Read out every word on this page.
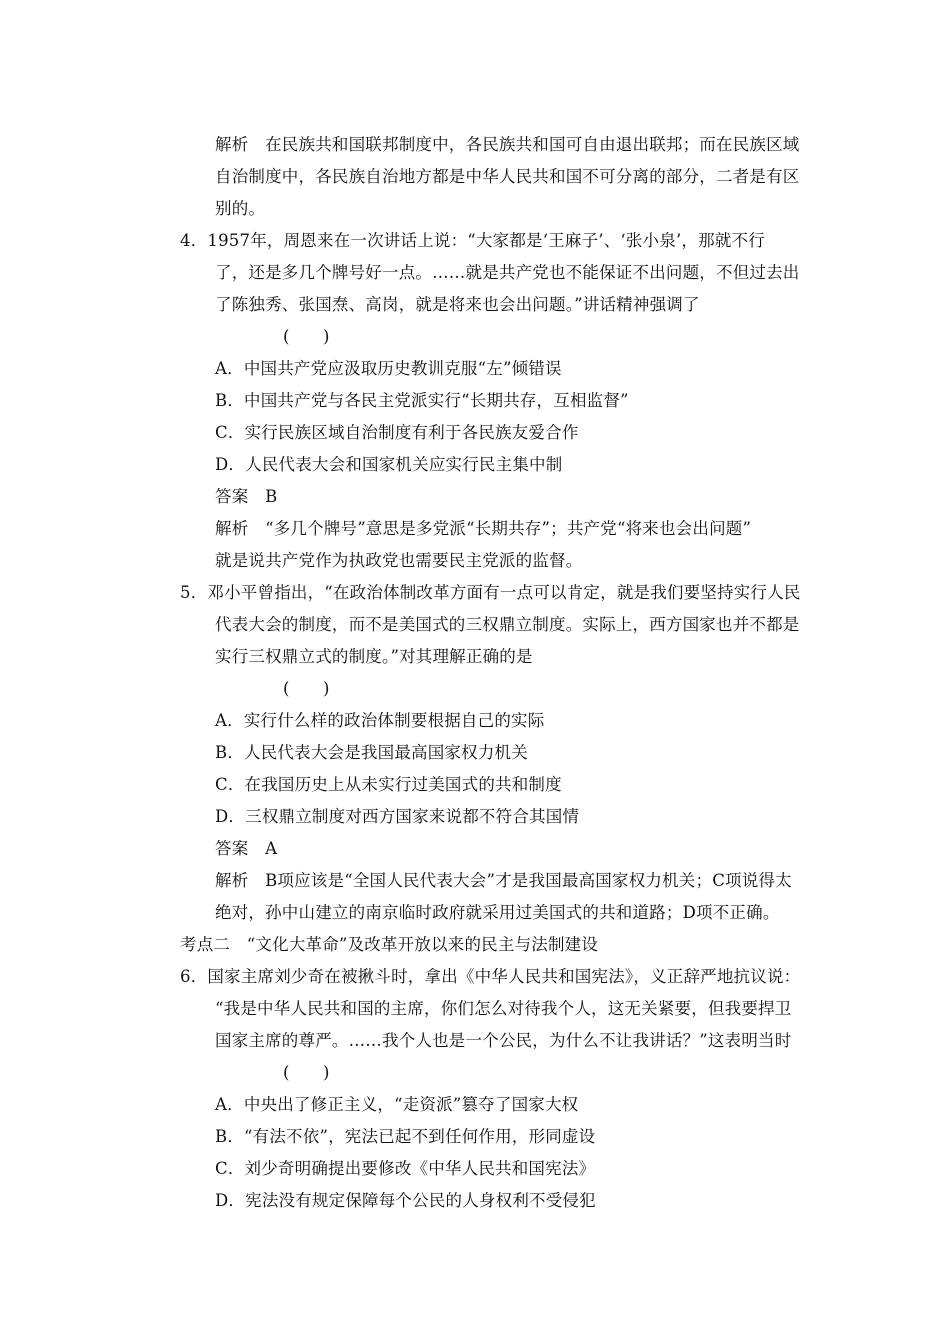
解析　在民族共和国联邦制度中，各民族共和国可自由退出联邦；而在民族区域
自治制度中，各民族自治地方都是中华人民共和国不可分离的部分，二者是有区
别的。
4．1957年，周恩来在一次讲话上说：“大家都是‘王麻子’、‘张小泉’，那就不行
了，还是多几个牌号好一点。……就是共产党也不能保证不出问题，不但过去出
了陈独秀、张国焘、高岗，就是将来也会出问题。”讲话精神强调了
(　　)
A．中国共产党应汲取历史教训克服“左”倾错误
B．中国共产党与各民主党派实行“长期共存，互相监督”
C．实行民族区域自治制度有利于各民族友爱合作
D．人民代表大会和国家机关应实行民主集中制
答案　B
解析　“多几个牌号”意思是多党派“长期共存”；共产党“将来也会出问题”
就是说共产党作为执政党也需要民主党派的监督。
5．邓小平曾指出，“在政治体制改革方面有一点可以肯定，就是我们要坚持实行人民
代表大会的制度，而不是美国式的三权鼎立制度。实际上，西方国家也并不都是
实行三权鼎立式的制度。”对其理解正确的是
(　　)
A．实行什么样的政治体制要根据自己的实际
B．人民代表大会是我国最高国家权力机关
C．在我国历史上从未实行过美国式的共和制度
D．三权鼎立制度对西方国家来说都不符合其国情
答案　A
解析　B项应该是“全国人民代表大会”才是我国最高国家权力机关；C项说得太
绝对，孙中山建立的南京临时政府就采用过美国式的共和道路；D项不正确。
考点二　“文化大革命”及改革开放以来的民主与法制建设
6．国家主席刘少奇在被揪斗时，拿出《中华人民共和国宪法》，义正辞严地抗议说：
“我是中华人民共和国的主席，你们怎么对待我个人，这无关紧要，但我要捍卫
国家主席的尊严。……我个人也是一个公民，为什么不让我讲话？”这表明当时
(　　)
A．中央出了修正主义，“走资派”篡夺了国家大权
B．“有法不依”，宪法已起不到任何作用，形同虚设
C．刘少奇明确提出要修改《中华人民共和国宪法》
D．宪法没有规定保障每个公民的人身权利不受侵犯
